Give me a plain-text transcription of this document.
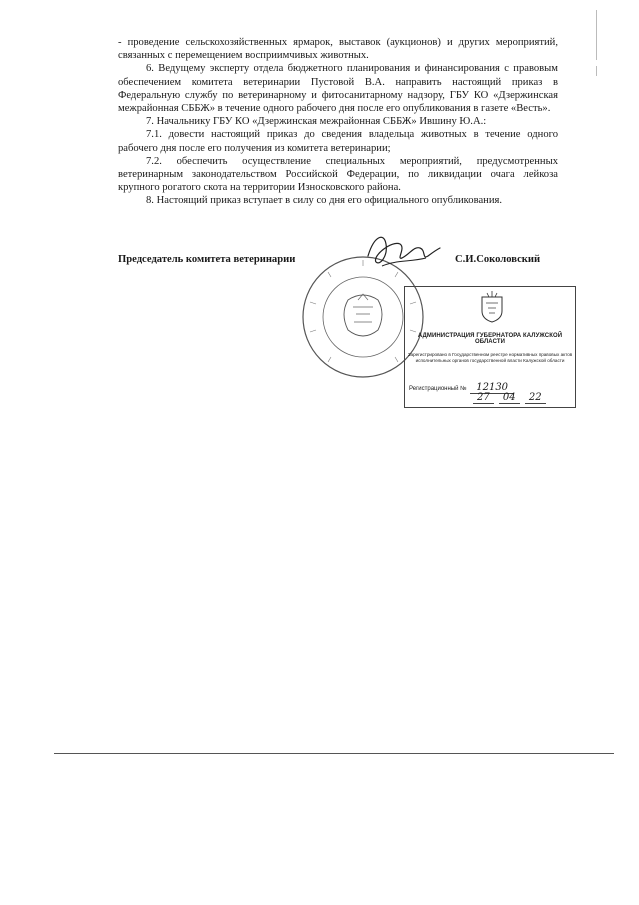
- проведение сельскохозяйственных ярмарок, выставок (аукционов) и других мероприятий, связанных с перемещением восприимчивых животных.

6. Ведущему эксперту отдела бюджетного планирования и финансирования с правовым обеспечением комитета ветеринарии Пустовой В.А. направить настоящий приказ в Федеральную службу по ветеринарному и фитосанитарному надзору, ГБУ КО «Дзержинская межрайонная СББЖ» в течение одного рабочего дня после его опубликования в газете «Весть».

7. Начальнику ГБУ КО «Дзержинская межрайонная СББЖ» Ившину Ю.А.:

7.1. довести настоящий приказ до сведения владельца животных в течение одного рабочего дня после его получения из комитета ветеринарии;

7.2. обеспечить осуществление специальных мероприятий, предусмотренных ветеринарным законодательством Российской Федерации, по ликвидации очага лейкоза крупного рогатого скота на территории Износковского района.

8. Настоящий приказ вступает в силу со дня его официального опубликования.

Председатель комитета ветеринарии	С.И.Соколовский
АДМИНИСТРАЦИЯ ГУБЕРНАТОРА КАЛУЖСКОЙ ОБЛАСТИ
Зарегистрировано в Государственном реестре нормативных правовых актов исполнительных органов государственной власти Калужской области
Регистрационный № 12130
27 04 22
